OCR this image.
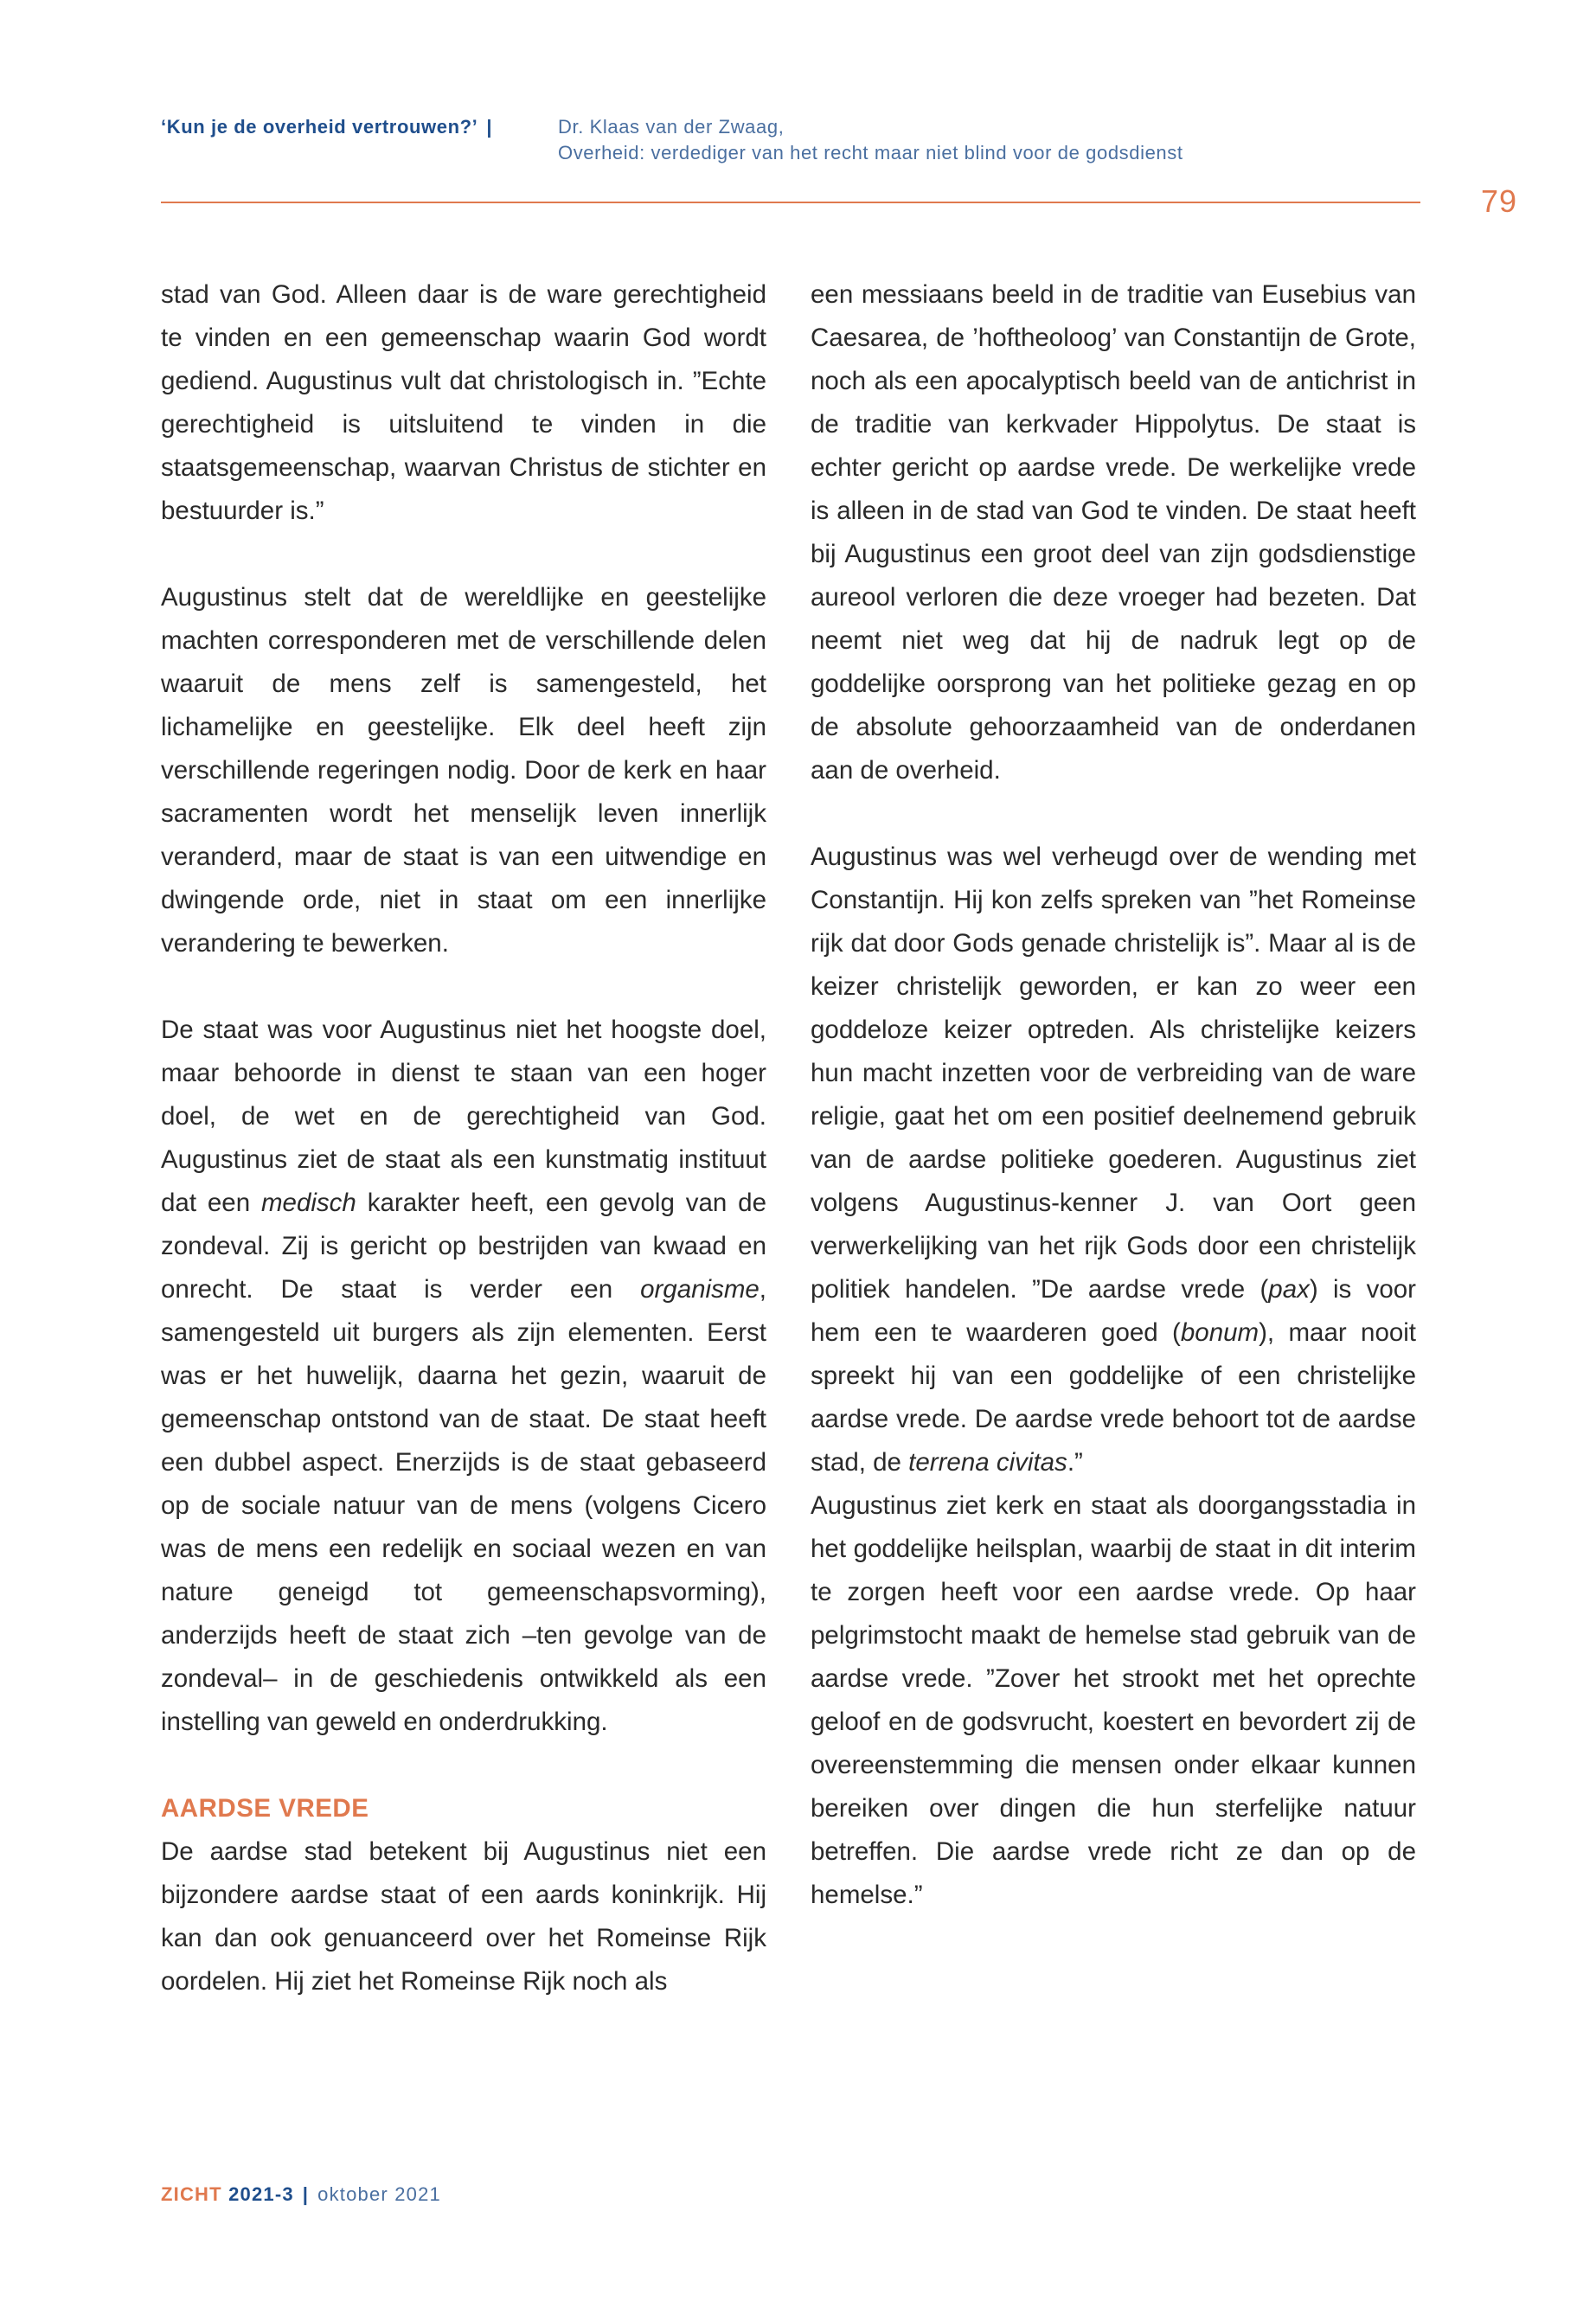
‘Kun je de overheid vertrouwen?’ |	Dr. Klaas van der Zwaag,
Overheid: verdediger van het recht maar niet blind voor de godsdienst
79

stad van God. Alleen daar is de ware gerechtigheid te vinden en een gemeenschap waarin God wordt gediend. Augustinus vult dat christologisch in. ”Echte gerechtigheid is uitsluitend te vinden in die staatsgemeenschap, waarvan Christus de stichter en bestuurder is.”

Augustinus stelt dat de wereldlijke en geestelijke machten corresponderen met de verschillende delen waaruit de mens zelf is samengesteld, het lichamelijke en geestelijke. Elk deel heeft zijn verschillende regeringen nodig. Door de kerk en haar sacramenten wordt het menselijk leven innerlijk veranderd, maar de staat is van een uitwendige en dwingende orde, niet in staat om een innerlijke verandering te bewerken.

De staat was voor Augustinus niet het hoogste doel, maar behoorde in dienst te staan van een hoger doel, de wet en de gerechtigheid van God. Augustinus ziet de staat als een kunstmatig instituut dat een medisch karakter heeft, een gevolg van de zondeval. Zij is gericht op bestrijden van kwaad en onrecht. De staat is verder een organisme, samengesteld uit burgers als zijn elementen. Eerst was er het huwelijk, daarna het gezin, waaruit de gemeenschap ontstond van de staat. De staat heeft een dubbel aspect. Enerzijds is de staat gebaseerd op de sociale natuur van de mens (volgens Cicero was de mens een redelijk en sociaal wezen en van nature geneigd tot gemeenschapsvorming), anderzijds heeft de staat zich –ten gevolge van de zondeval– in de geschiedenis ontwikkeld als een instelling van geweld en onderdrukking.

AARDSE VREDE

De aardse stad betekent bij Augustinus niet een bijzondere aardse staat of een aards koninkrijk. Hij kan dan ook genuanceerd over het Romeinse Rijk oordelen. Hij ziet het Romeinse Rijk noch als

een messiaans beeld in de traditie van Eusebius van Caesarea, de ’hoftheoloog’ van Constantijn de Grote, noch als een apocalyptisch beeld van de antichrist in de traditie van kerkvader Hippolytus. De staat is echter gericht op aardse vrede. De werkelijke vrede is alleen in de stad van God te vinden. De staat heeft bij Augustinus een groot deel van zijn godsdienstige aureool verloren die deze vroeger had bezeten. Dat neemt niet weg dat hij de nadruk legt op de goddelijke oorsprong van het politieke gezag en op de absolute gehoorzaamheid van de onderdanen aan de overheid.

Augustinus was wel verheugd over de wending met Constantijn. Hij kon zelfs spreken van ”het Romeinse rijk dat door Gods genade christelijk is”. Maar al is de keizer christelijk geworden, er kan zo weer een goddeloze keizer optreden. Als christelijke keizers hun macht inzetten voor de verbreiding van de ware religie, gaat het om een positief deelnemend gebruik van de aardse politieke goederen. Augustinus ziet volgens Augustinus-kenner J. van Oort geen verwerkelijking van het rijk Gods door een christelijk politiek handelen. ”De aardse vrede (pax) is voor hem een te waarderen goed (bonum), maar nooit spreekt hij van een goddelijke of een christelijke aardse vrede. De aardse vrede behoort tot de aardse stad, de terrena civitas.”

Augustinus ziet kerk en staat als doorgangsstadia in het goddelijke heilsplan, waarbij de staat in dit interim te zorgen heeft voor een aardse vrede. Op haar pelgrimstocht maakt de hemelse stad gebruik van de aardse vrede. ”Zover het strookt met het oprechte geloof en de godsvrucht, koestert en bevordert zij de overeenstemming die mensen onder elkaar kunnen bereiken over dingen die hun sterfelijke natuur betreffen. Die aardse vrede richt ze dan op de hemelse.”

ZICHT 2021-3 | oktober 2021
